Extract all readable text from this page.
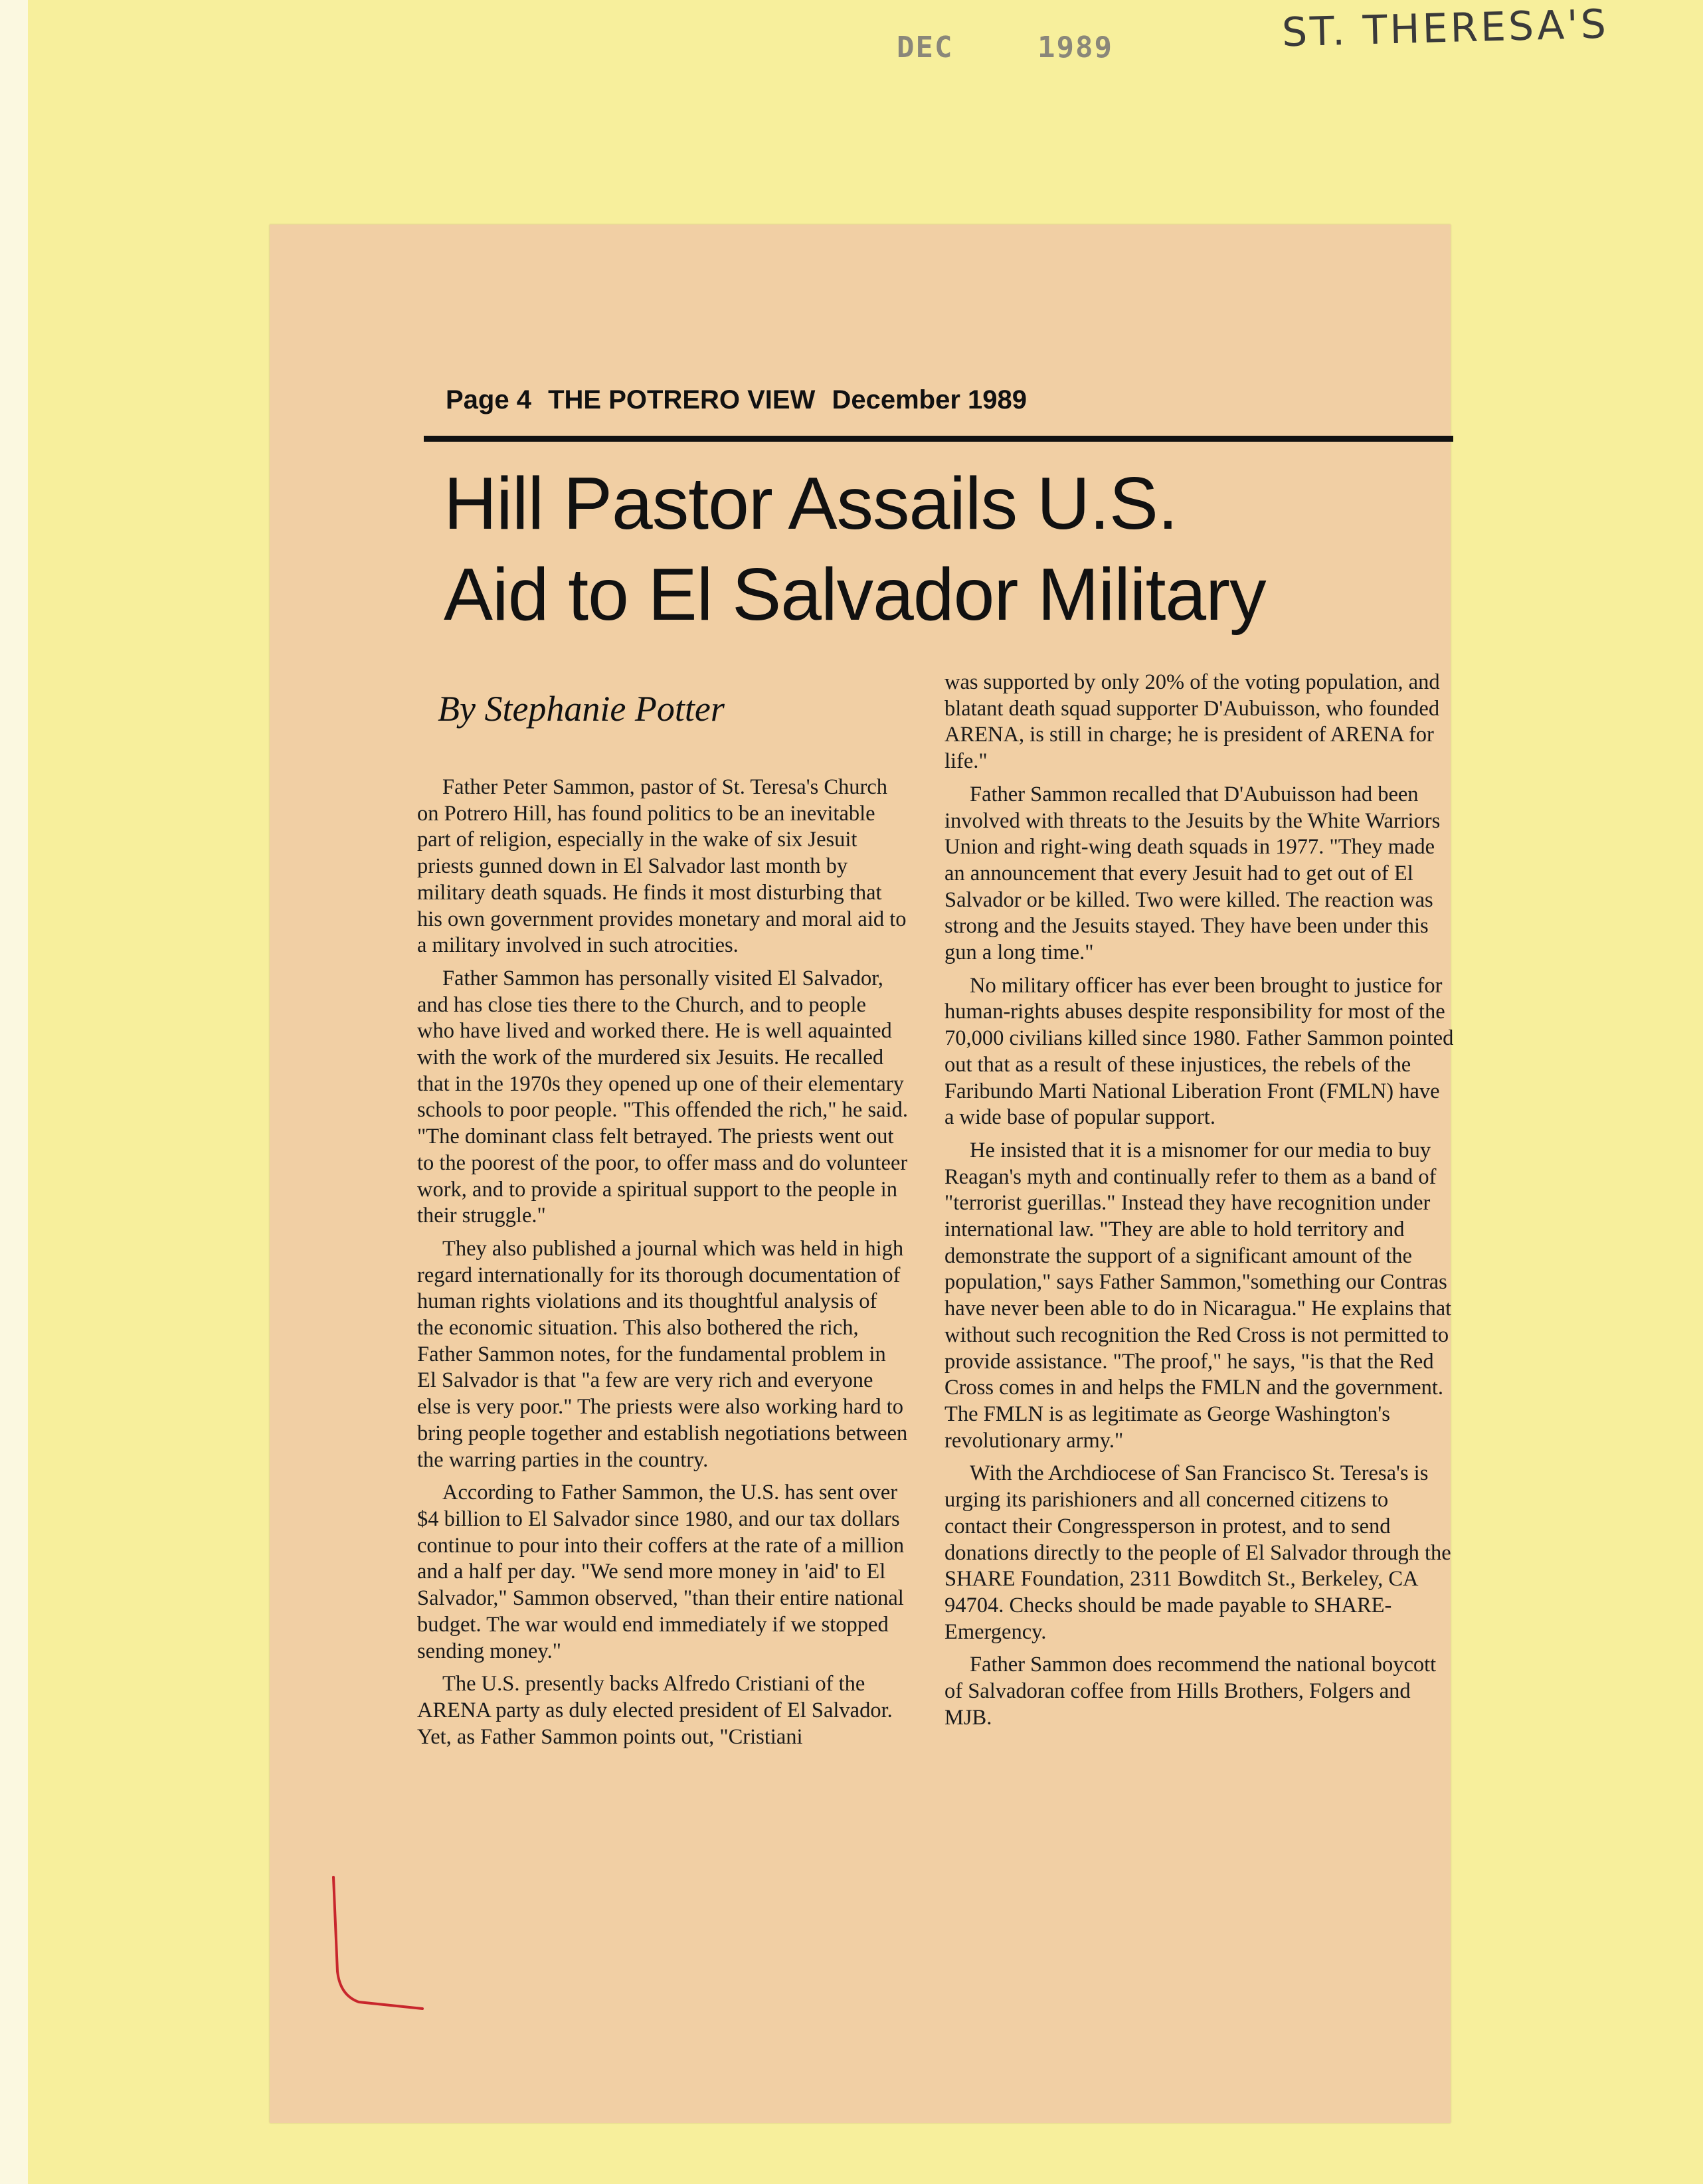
DEC	1989	ST. THERESA'S
Page 4 THE POTRERO VIEW December 1989
Hill Pastor Assails U.S.
Aid to El Salvador Military
By Stephanie Potter

Father Peter Sammon, pastor of St. Teresa's Church on Potrero Hill, has found politics to be an inevitable part of religion, especially in the wake of six Jesuit priests gunned down in El Salvador last month by military death squads. He finds it most disturbing that his own government provides monetary and moral aid to a military involved in such atrocities.

Father Sammon has personally visited El Salvador, and has close ties there to the Church, and to people who have lived and worked there. He is well aquainted with the work of the murdered six Jesuits. He recalled that in the 1970s they opened up one of their elementary schools to poor people. "This offended the rich," he said. "The dominant class felt betrayed. The priests went out to the poorest of the poor, to offer mass and do volunteer work, and to provide a spiritual support to the people in their struggle."

They also published a journal which was held in high regard internationally for its thorough documentation of human rights violations and its thoughtful analysis of the economic situation. This also bothered the rich, Father Sammon notes, for the fundamental problem in El Salvador is that "a few are very rich and everyone else is very poor." The priests were also working hard to bring people together and establish negotiations between the warring parties in the country.

According to Father Sammon, the U.S. has sent over $4 billion to El Salvador since 1980, and our tax dollars continue to pour into their coffers at the rate of a million and a half per day. "We send more money in 'aid' to El Salvador," Sammon observed, "than their entire national budget. The war would end immediately if we stopped sending money."

The U.S. presently backs Alfredo Cristiani of the ARENA party as duly elected president of El Salvador. Yet, as Father Sammon points out, "Cristiani

was supported by only 20% of the voting population, and blatant death squad supporter D'Aubuisson, who founded ARENA, is still in charge; he is president of ARENA for life."

Father Sammon recalled that D'Aubuisson had been involved with threats to the Jesuits by the White Warriors Union and right-wing death squads in 1977. "They made an announcement that every Jesuit had to get out of El Salvador or be killed. Two were killed. The reaction was strong and the Jesuits stayed. They have been under this gun a long time."

No military officer has ever been brought to justice for human-rights abuses despite responsibility for most of the 70,000 civilians killed since 1980. Father Sammon pointed out that as a result of these injustices, the rebels of the Faribundo Marti National Liberation Front (FMLN) have a wide base of popular support.

He insisted that it is a misnomer for our media to buy Reagan's myth and continually refer to them as a band of "terrorist guerillas." Instead they have recognition under international law. "They are able to hold territory and demonstrate the support of a significant amount of the population," says Father Sammon,"something our Contras have never been able to do in Nicaragua." He explains that without such recognition the Red Cross is not permitted to provide assistance. "The proof," he says, "is that the Red Cross comes in and helps the FMLN and the government. The FMLN is as legitimate as George Washington's revolutionary army."

With the Archdiocese of San Francisco St. Teresa's is urging its parishioners and all concerned citizens to contact their Congressperson in protest, and to send donations directly to the people of El Salvador through the SHARE Foundation, 2311 Bowditch St., Berkeley, CA 94704. Checks should be made payable to SHARE-Emergency.

Father Sammon does recommend the national boycott of Salvadoran coffee from Hills Brothers, Folgers and MJB.
